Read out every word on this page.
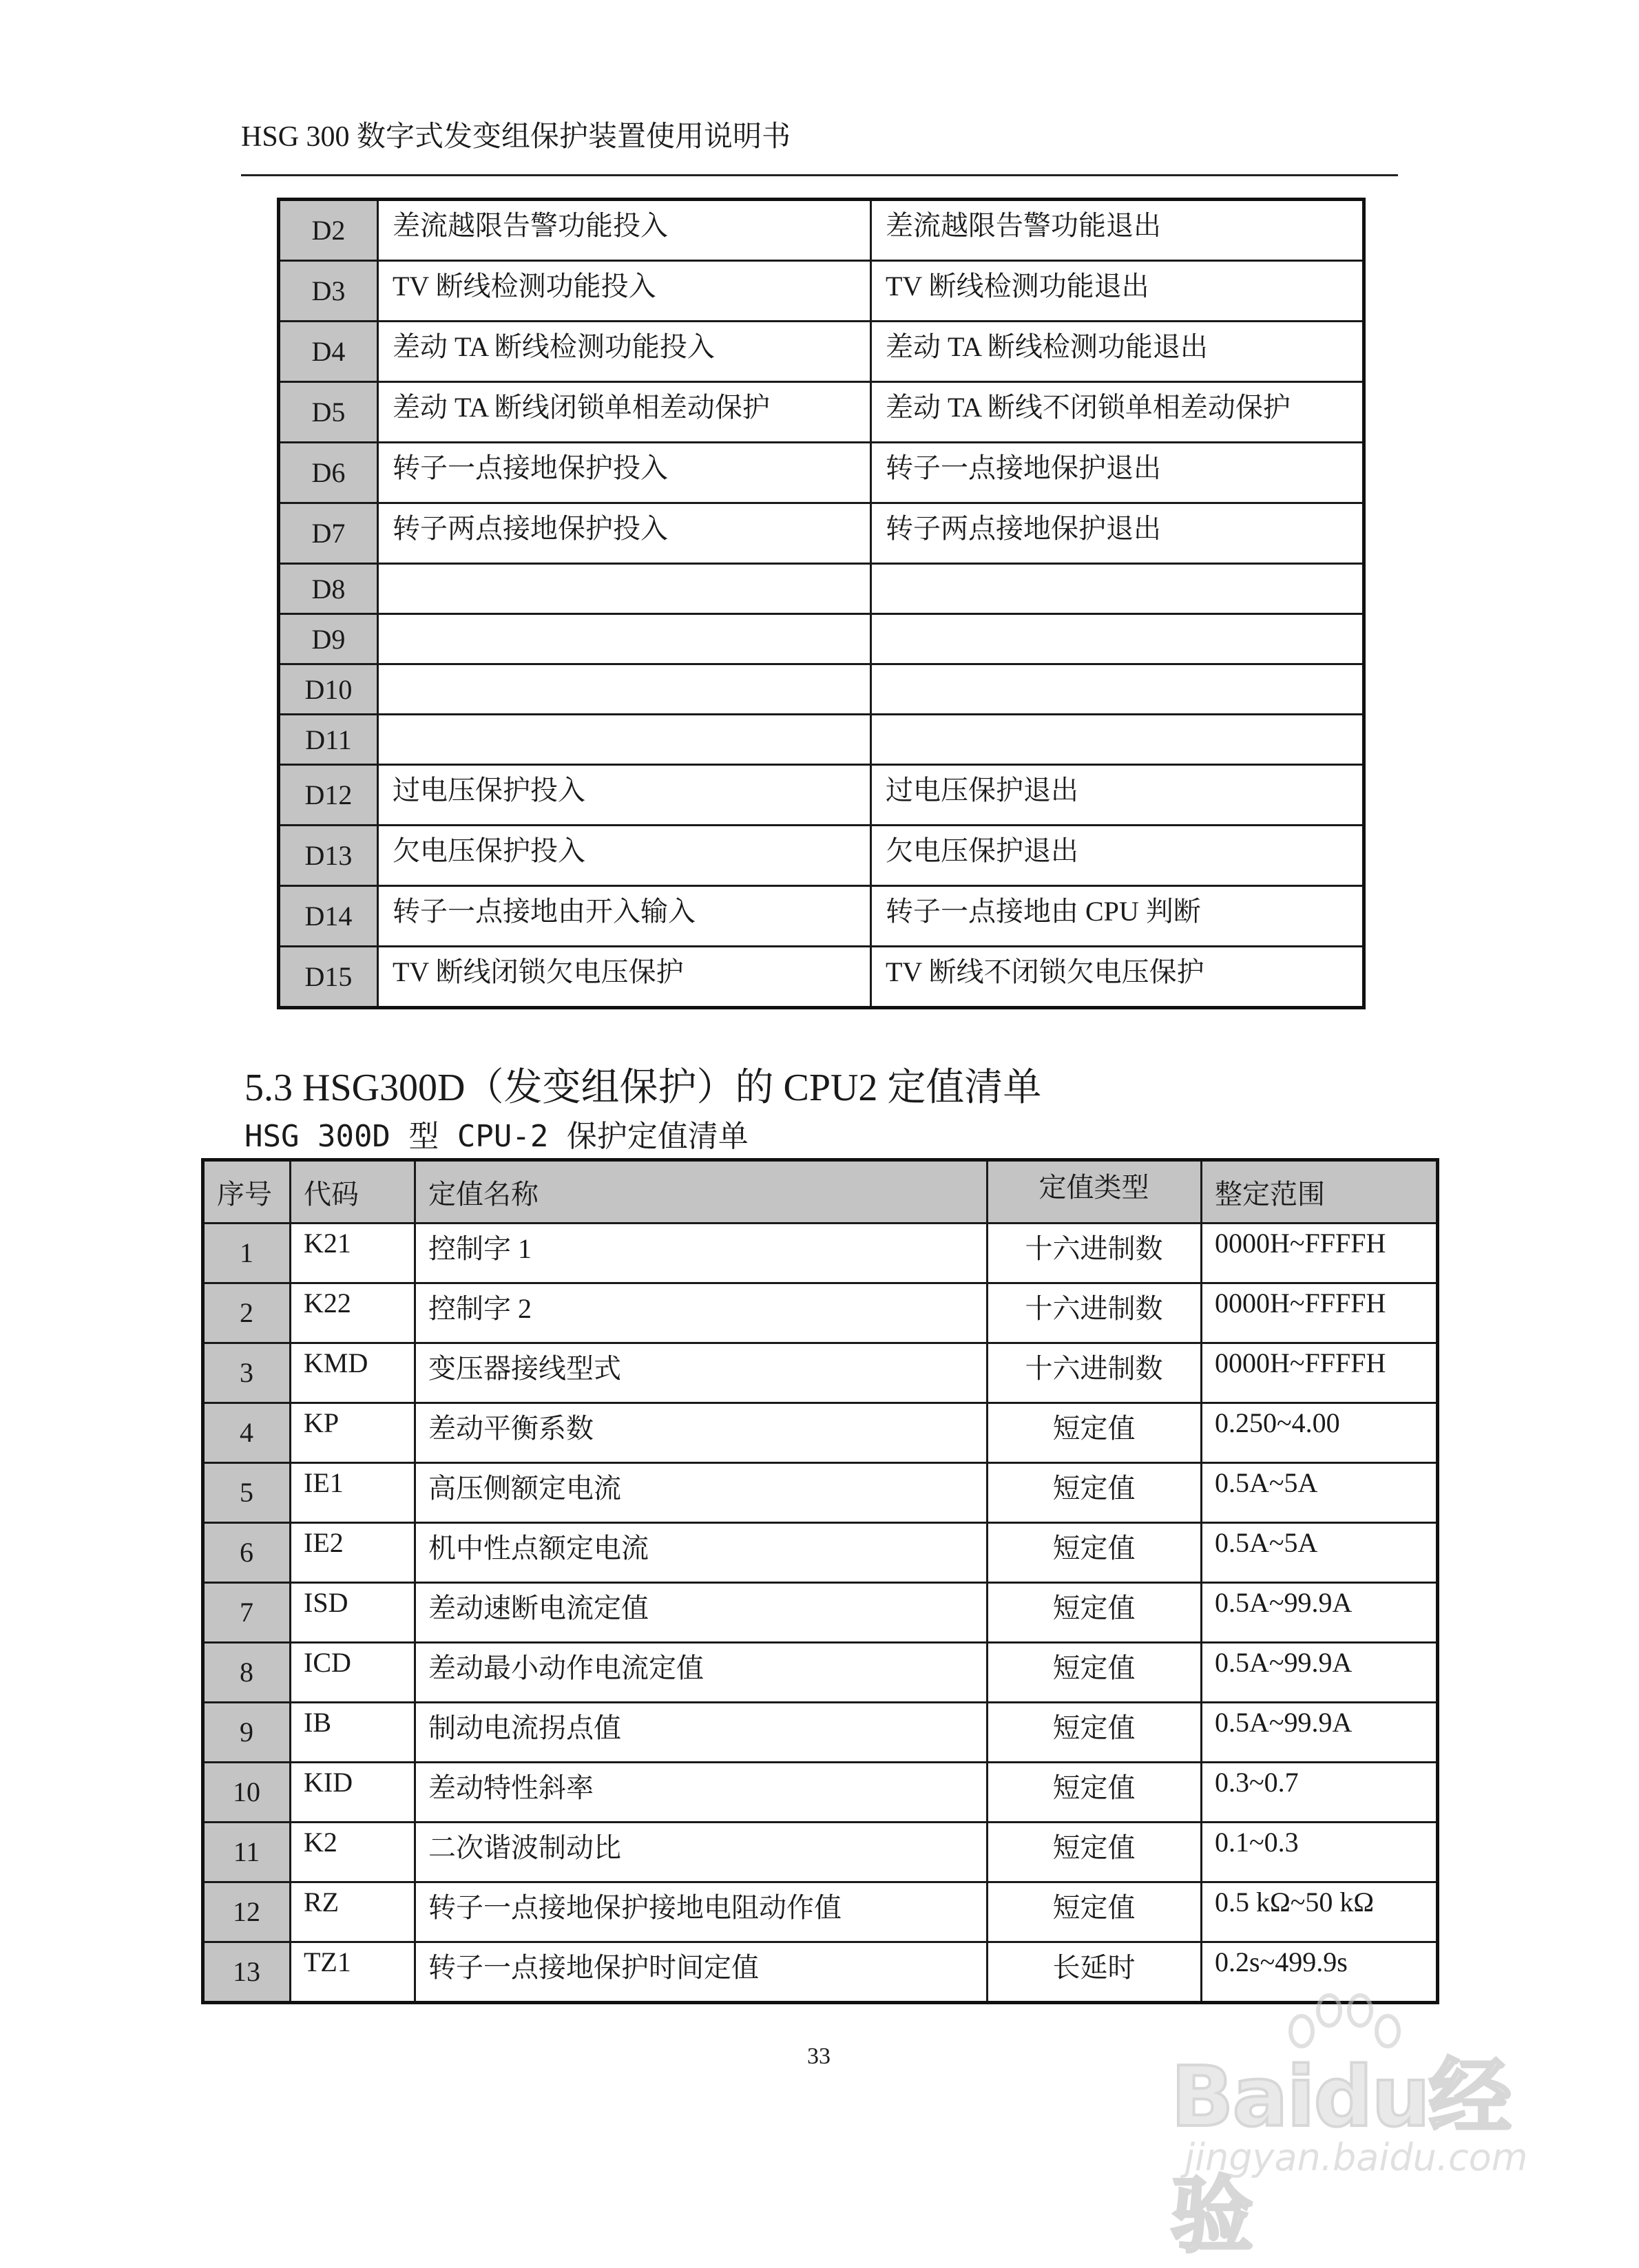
HSG 300 数字式发变组保护装置使用说明书
D2	差流越限告警功能投入	差流越限告警功能退出
D3	TV 断线检测功能投入	TV 断线检测功能退出
D4	差动 TA 断线检测功能投入	差动 TA 断线检测功能退出
D5	差动 TA 断线闭锁单相差动保护	差动 TA 断线不闭锁单相差动保护
D6	转子一点接地保护投入	转子一点接地保护退出
D7	转子两点接地保护投入	转子两点接地保护退出
D8		
D9		
D10		
D11		
D12	过电压保护投入	过电压保护退出
D13	欠电压保护投入	欠电压保护退出
D14	转子一点接地由开入输入	转子一点接地由 CPU 判断
D15	TV 断线闭锁欠电压保护	TV 断线不闭锁欠电压保护
5.3 HSG300D（发变组保护）的 CPU2 定值清单
HSG 300D 型 CPU-2 保护定值清单
序号	代码	定值名称	定值类型	整定范围
1	K21	控制字 1	十六进制数	0000H~FFFFH
2	K22	控制字 2	十六进制数	0000H~FFFFH
3	KMD	变压器接线型式	十六进制数	0000H~FFFFH
4	KP	差动平衡系数	短定值	0.250~4.00
5	IE1	高压侧额定电流	短定值	0.5A~5A
6	IE2	机中性点额定电流	短定值	0.5A~5A
7	ISD	差动速断电流定值	短定值	0.5A~99.9A
8	ICD	差动最小动作电流定值	短定值	0.5A~99.9A
9	IB	制动电流拐点值	短定值	0.5A~99.9A
10	KID	差动特性斜率	短定值	0.3~0.7
11	K2	二次谐波制动比	短定值	0.1~0.3
12	RZ	转子一点接地保护接地电阻动作值	短定值	0.5 kΩ~50 kΩ
13	TZ1	转子一点接地保护时间定值	长延时	0.2s~499.9s
33	Baidu经验
jingyan.baidu.com
